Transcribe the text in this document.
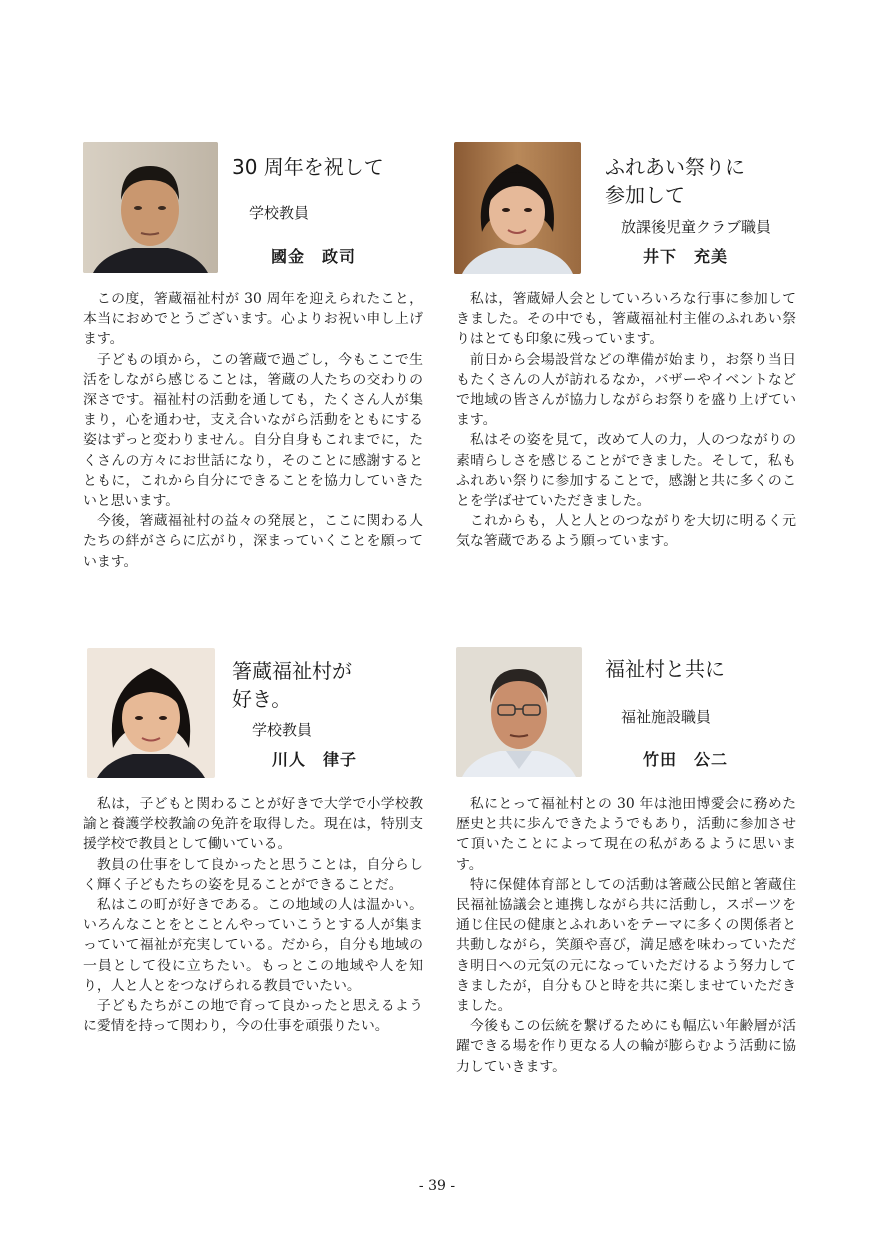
30 周年を祝して
学校教員
國金　政司

この度，箸蔵福祉村が 30 周年を迎えられたこと，本当におめでとうございます。心よりお祝い申し上げます。

子どもの頃から，この箸蔵で過ごし，今もここで生活をしながら感じることは，箸蔵の人たちの交わりの深さです。福祉村の活動を通しても，たくさん人が集まり，心を通わせ，支え合いながら活動をともにする姿はずっと変わりません。自分自身もこれまでに，たくさんの方々にお世話になり，そのことに感謝するとともに，これから自分にできることを協力していきたいと思います。

今後，箸蔵福祉村の益々の発展と，ここに関わる人たちの絆がさらに広がり，深まっていくことを願っています。

ふれあい祭りに
参加して
放課後児童クラブ職員
井下　充美

私は，箸蔵婦人会としていろいろな行事に参加してきました。その中でも，箸蔵福祉村主催のふれあい祭りはとても印象に残っています。

前日から会場設営などの準備が始まり，お祭り当日もたくさんの人が訪れるなか，バザーやイベントなどで地域の皆さんが協力しながらお祭りを盛り上げています。

私はその姿を見て，改めて人の力，人のつながりの素晴らしさを感じることができました。そして，私もふれあい祭りに参加することで，感謝と共に多くのことを学ばせていただきました。

これからも，人と人とのつながりを大切に明るく元気な箸蔵であるよう願っています。

箸蔵福祉村が
好き。
学校教員
川人　律子

私は，子どもと関わることが好きで大学で小学校教諭と養護学校教諭の免許を取得した。現在は，特別支援学校で教員として働いている。

教員の仕事をして良かったと思うことは，自分らしく輝く子どもたちの姿を見ることができることだ。

私はこの町が好きである。この地域の人は温かい。いろんなことをとことんやっていこうとする人が集まっていて福祉が充実している。だから，自分も地域の一員として役に立ちたい。もっとこの地域や人を知り，人と人とをつなげられる教員でいたい。

子どもたちがこの地で育って良かったと思えるように愛情を持って関わり，今の仕事を頑張りたい。

福祉村と共に
福祉施設職員
竹田　公二

私にとって福祉村との 30 年は池田博愛会に務めた歴史と共に歩んできたようでもあり，活動に参加させて頂いたことによって現在の私があるように思います。

特に保健体育部としての活動は箸蔵公民館と箸蔵住民福祉協議会と連携しながら共に活動し，スポーツを通じ住民の健康とふれあいをテーマに多くの関係者と共動しながら，笑顔や喜び，満足感を味わっていただき明日への元気の元になっていただけるよう努力してきましたが，自分もひと時を共に楽しませていただきました。

今後もこの伝統を繋げるためにも幅広い年齢層が活躍できる場を作り更なる人の輪が膨らむよう活動に協力していきます。

- 39 -
